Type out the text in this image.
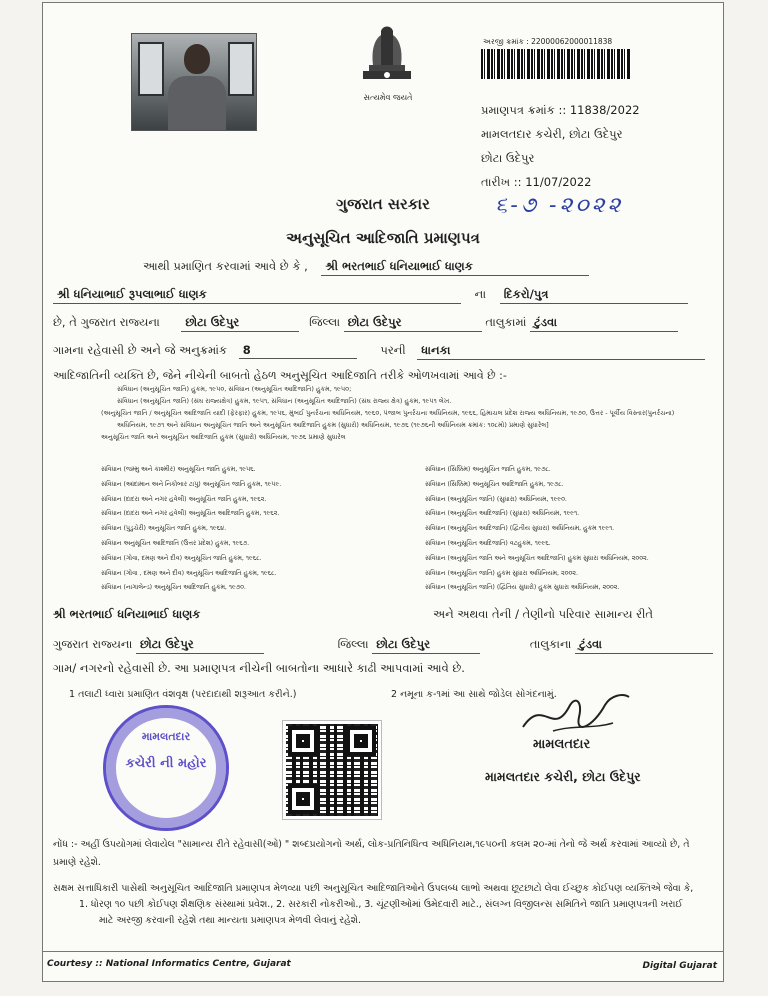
સત્યમેવ જયતે
અરજી ક્રમાંક : 22000062000011838
પ્રમાણપત્ર ક્રમાંક :: 11838/2022
મામલતદાર કચેરી, છોટા ઉદેપુર
છોટા ઉદેપુર
તારીખ :: 11/07/2022
ગુજરાત સરકાર	૬-૭ -૨૦૨૨
અનુસૂચિત આદિજાતિ પ્રમાણપત્ર
આથી પ્રમાણિત કરવામાં આવે છે કે , શ્રી ભરતભાઈ ધનિયાભાઈ ધાણક
શ્રી ધનિયાભાઈ રૂપલાભાઈ ધાણક	ના દિકરો/પુત્ર
છે, તે ગુજરાત રાજ્યના છોટા ઉદેપુર	જિલ્લા છોટા ઉદેપુર	તાલુકામાં ટુંડવા
ગામના રહેવાસી છે અને જે અનુક્રમાંક 8	પરની ધાનકા
આદિજાતિની વ્યક્તિ છે, જેને નીચેની બાબતો હેઠળ અનુસૂચિત આદિજાતિ તરીકે ઓળખવામાં આવે છે :-
સંવિધાન (અનુસૂચિત જાતિ) હુકમ, ૧૯૫૦, સંવિધાન (અનુસૂચિત આદિજાતિ) હુકમ, ૧૯૫૦;
સંવિધાન (અનુસૂચિત જાતિ) (સંઘ રાજ્યક્ષેત્ર) હુકમ, ૧૯૫૧, સંવિધાન (અનુસૂચિત આદિજાતિ) (સંઘ રાજ્ય ક્ષેત્ર) હુકમ, ૧૯૫૧ લેખ.
(અનુસૂચિત જાતિ / અનુસૂચિત આદિજાતિ યાદી (ફેરફાર) હુકમ, ૧૯૫૬, મુંબઈ પુનર્રચના અધિનિયમ, ૧૯૬૦, પંજાબ પુનર્રચના અધિનિયમ, ૧૯૬૬, હિમાચલ પ્રદેશ રાજ્ય અધિનિયમ, ૧૯૭૦, ઉત્તર - પૂર્વીય વિસ્તાર(પુનર્રચના)
અધિનિયમ, ૧૯૭૧ અને સંવિધાન અનુસૂચિત જાતિ અને અનુસૂચિત આદિજાતિ હુકમ (સુધારો) અધિનિયમ, ૧૯૭૬ (૧૯૭૬ની અધિનિયમ ક્રમાંક: ૧૦૮મો) પ્રમાણે સુધારેલ]
અનુસૂચિત જાતિ અને અનુસૂચિત આદિજાતિ હુકમ (સુધારો) અધિનિયમ, ૧૯૭૬ પ્રમાણે સુધારેલ
સંવિધાન (જમ્મુ અને કાશ્મીર) અનુસૂચિત જાતિ હુકમ, ૧૯૫૬.
સંવિધાન (આંદામાન અને નિકોબાર ટાપુ) અનુસૂચિત જાતિ હુકમ, ૧૯૫૯.
સંવિધાન (દાદરા અને નગર હવેલી) અનુસૂચિત જાતિ હુકમ, ૧૯૬૨.
સંવિધાન (દાદરા અને નગર હવેલી) અનુસૂચિત આદિજાતિ હુકમ, ૧૯૬૨.
સંવિધાન (પુડુચેરી) અનુસૂચિત જાતિ હુકમ, ૧૯૬૪.
સંવિધાન અનુસૂચિત આદિજાતિ (ઉત્તર પ્રદેશ) હુકમ, ૧૯૬૭.
સંવિધાન (ગોવા, દમણ અને દીવ) અનુસૂચિત જાતિ હુકમ, ૧૯૬૮.
સંવિધાન (ગોવા , દમણ અને દીવ) અનુસૂચિત આદિજાતિ હુકમ, ૧૯૬૮.
સંવિધાન (નાગાલેન્ડ) અનુસૂચિત આદિજાતિ હુકમ, ૧૯૭૦.
સંવિધાન (સિક્કિમ) અનુસૂચિત જાતિ હુકમ, ૧૯૭૮.
સંવિધાન (સિક્કિમ) અનુસૂચિત આદિજાતિ હુકમ, ૧૯૭૮.
સંવિધાન (અનુસૂચિત જાતિ) (સુધારા) અધિનિયમ, ૧૯૯૦.
સંવિધાન (અનુસૂચિત આદિજાતિ) (સુધારા) અધિનિયમ, ૧૯૯૧.
સંવિધાન (અનુસૂચિત આદિજાતિ) (દ્વિતીય સુધારા) અધિનિયમ, હુકમ ૧૯૯૧.
સંવિધાન (અનુસૂચિત આદિજાતિ) વટહુકમ, ૧૯૯૬.
સંવિધાન (અનુસૂચિત જાતિ અને અનુસૂચિત આદિજાતિ) હુકમ સુધારા અધિનિયમ, ૨૦૦૨.
સંવિધાન (અનુસૂચિત જાતિ) હુકમ સુધારા અધિનિયમ, ૨૦૦૨.
સંવિધાન (અનુસૂચિત જાતિ) (દ્વિતિય સુધારો) હુકમ સુધારા અધિનિયમ, ૨૦૦૨.
શ્રી ભરતભાઈ ધનિયાભાઈ ધાણક	અને અથવા તેની / તેણીનો પરિવાર સામાન્ય રીતે
ગુજરાત રાજ્યના છોટા ઉદેપુર	જિલ્લા છોટા ઉદેપુર	તાલુકાના ટુંડવા
ગામ/ નગરનો રહેવાસી છે. આ પ્રમાણપત્ર નીચેની બાબતોના આધારે કાઢી આપવામાં આવે છે.
1 તલાટી ધ્વારા પ્રમાણિત વંશવૃક્ષ (પરદાદાથી શરૂઆત કરીને.)	2 નમૂના ક-૧માં આ સાથે જોડેલ સોગંદનામું.
મામલતદાર
કચેરી ની મહોર
મામલતદાર
મામલતદાર કચેરી, છોટા ઉદેપુર
નોંધ :- અહીં ઉપયોગમાં લેવાયેલ "સામાન્ય રીતે રહેવાસી(ઓ) " શબ્દપ્રયોગનો અર્થ, લોક-પ્રતિનિધિત્વ અધિનિયમ,૧૯૫૦ની કલમ ૨૦-માં તેનો જે અર્થ કરવામાં આવ્યો છે, તે
પ્રમાણે રહેશે.
સક્ષમ સત્તાધિકારી પાસેથી અનુસૂચિત આદિજાતિ પ્રમાણપત્ર મેળવ્યા પછી અનુસૂચિત આદિજાતિઓને ઉપલબ્ધ લાભો અથવા છૂટછાટો લેવા ઈચ્છુક કોઈપણ વ્યક્તિએ જેવા કે,
1. ધોરણ ૧૦ પછી કોઈપણ શૈક્ષણિક સંસ્થામાં પ્રવેશ., 2. સરકારી નોકરીઓ., 3. ચૂંટણીઓમાં ઉમેદવારી માટે., સંલગ્ન વિજીલન્સ સમિતિને જાતિ પ્રમાણપત્રની ખરાઈ
માટે અરજી કરવાની રહેશે તથા માન્યતા પ્રમાણપત્ર મેળવી લેવાનું રહેશે.
Courtesy :: National Informatics Centre, Gujarat	Digital Gujarat
